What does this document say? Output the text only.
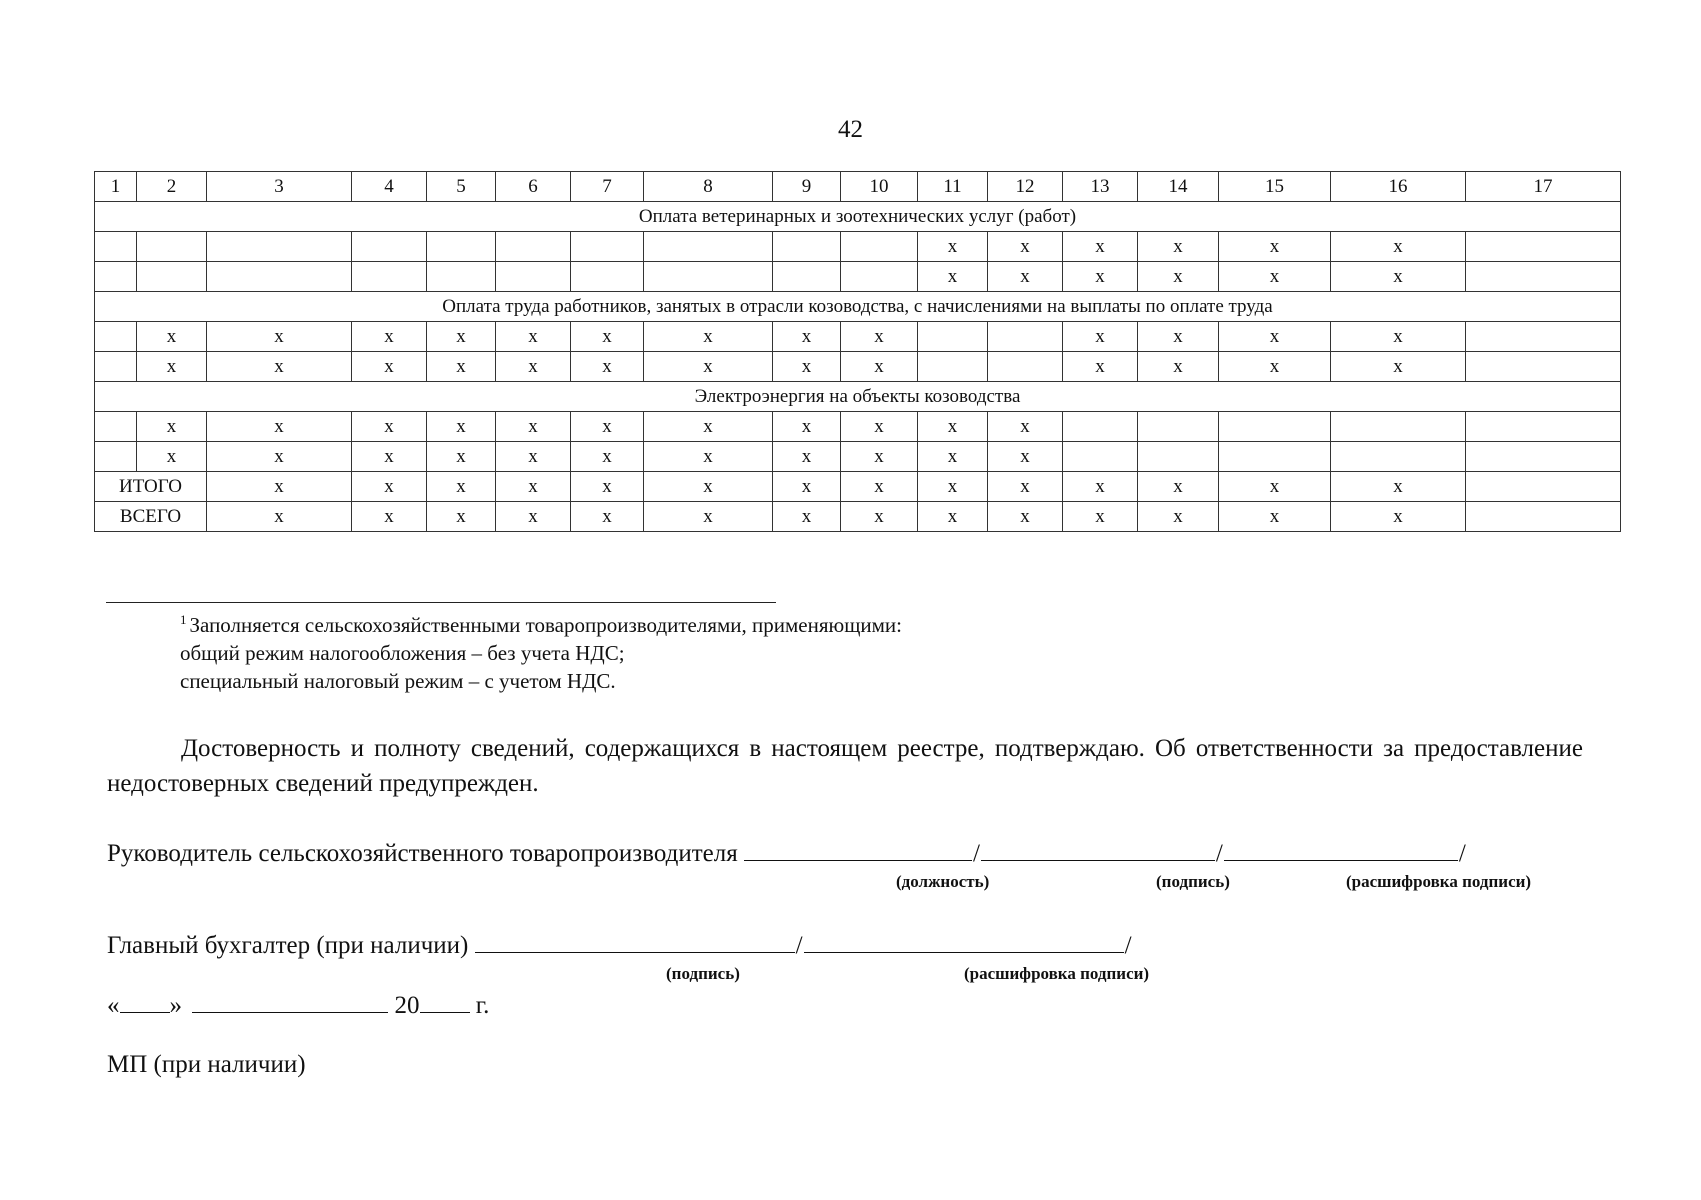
42
1	2	3	4	5	6	7	8	9	10	11	12	13	14	15	16	17
Оплата ветеринарных и зоотехнических услуг (работ)																
										x	x	x	x	x	x	
										x	x	x	x	x	x	
Оплата труда работников, занятых в отрасли козоводства, с начислениями на выплаты по оплате труда																
	x	x	x	x	x	x	x	x	x			x	x	x	x	
	x	x	x	x	x	x	x	x	x			x	x	x	x	
Электроэнергия на объекты козоводства																
	x	x	x	x	x	x	x	x	x	x	x					
	x	x	x	x	x	x	x	x	x	x	x					
ИТОГО		x	x	x	x	x	x	x	x	x	x	x	x	x	x	
ВСЕГО		x	x	x	x	x	x	x	x	x	x	x	x	x	x	
$^1$ Заполняется сельскохозяйственными товаропроизводителями, применяющими:
общий режим налогообложения – без учета НДС;
специальный налоговый режим – с учетом НДС.

Достоверность и полноту сведений, содержащихся в настоящем реестре, подтверждаю. Об ответственности за предоставление недостоверных сведений предупрежден.

Руководитель сельскохозяйственного товаропроизводителя	/	/	/
(должность)	(подпись)	(расшифровка подписи)
Главный бухгалтер (при наличии)	/	/
(подпись)	(расшифровка подписи)
« »	20 г.
МП (при наличии)
